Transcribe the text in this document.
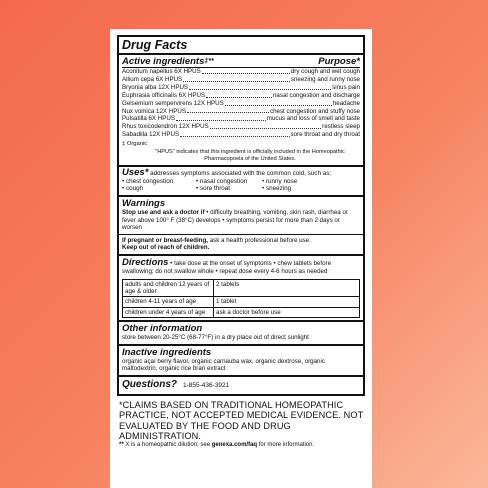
Drug Facts
Active ingredients‡**	Purpose*
Aconitum napellus 6X HPUS	dry cough and wet cough
Allium cepa 6X HPUS	sneezing and runny nose
Bryonia alba 12X HPUS	sinus pain
Euphrasia officinalis 6X HPUS	nasal congestion and discharge
Gelsemium sempervirens 12X HPUS	headache
Nux vomica 12X HPUS	chest congestion and stuffy nose
Pulsatilla 6X HPUS	mucus and loss of smell and taste
Rhus toxicodendron 12X HPUS	restless sleep
Sabadilla 12X HPUS	sore throat and dry throat
‡ Organic
"HPUS" indicates that this ingredient is officially included in the Homeopathic Pharmacopoeia of the United States.
Uses* addresses symptoms associated with the common cold, such as:
• chest congestion	• nasal congestion	• runny nose
• cough	• sore throat	• sneezing
Warnings
Stop use and ask a doctor if • difficulty breathing, vomiting, skin rash, diarrhea or fever above 100° F (38°C) develops • symptoms persist for more than 2 days or worsen
If pregnant or breast-feeding, ask a health professional before use.
Keep out of reach of children.
Directions • take dose at the onset of symptoms • chew tablets before swallowing; do not swallow whole • repeat dose every 4-6 hours as needed
adults and children 12 years of age & older	2 tablets
children 4-11 years of age	1 tablet
children under 4 years of age	ask a doctor before use
Other information
store between 20-25°C (68-77°F) in a dry place out of direct sunlight
Inactive ingredients
organic açaí berry flavor, organic carnauba wax, organic dextrose, organic maltodextrin, organic rice bran extract
Questions? 1-855-436-3921
*CLAIMS BASED ON TRADITIONAL HOMEOPATHIC PRACTICE, NOT ACCEPTED MEDICAL EVIDENCE. NOT EVALUATED BY THE FOOD AND DRUG ADMINISTRATION.
** X is a homeopathic dilution; see genexa.com/faq for more information.
